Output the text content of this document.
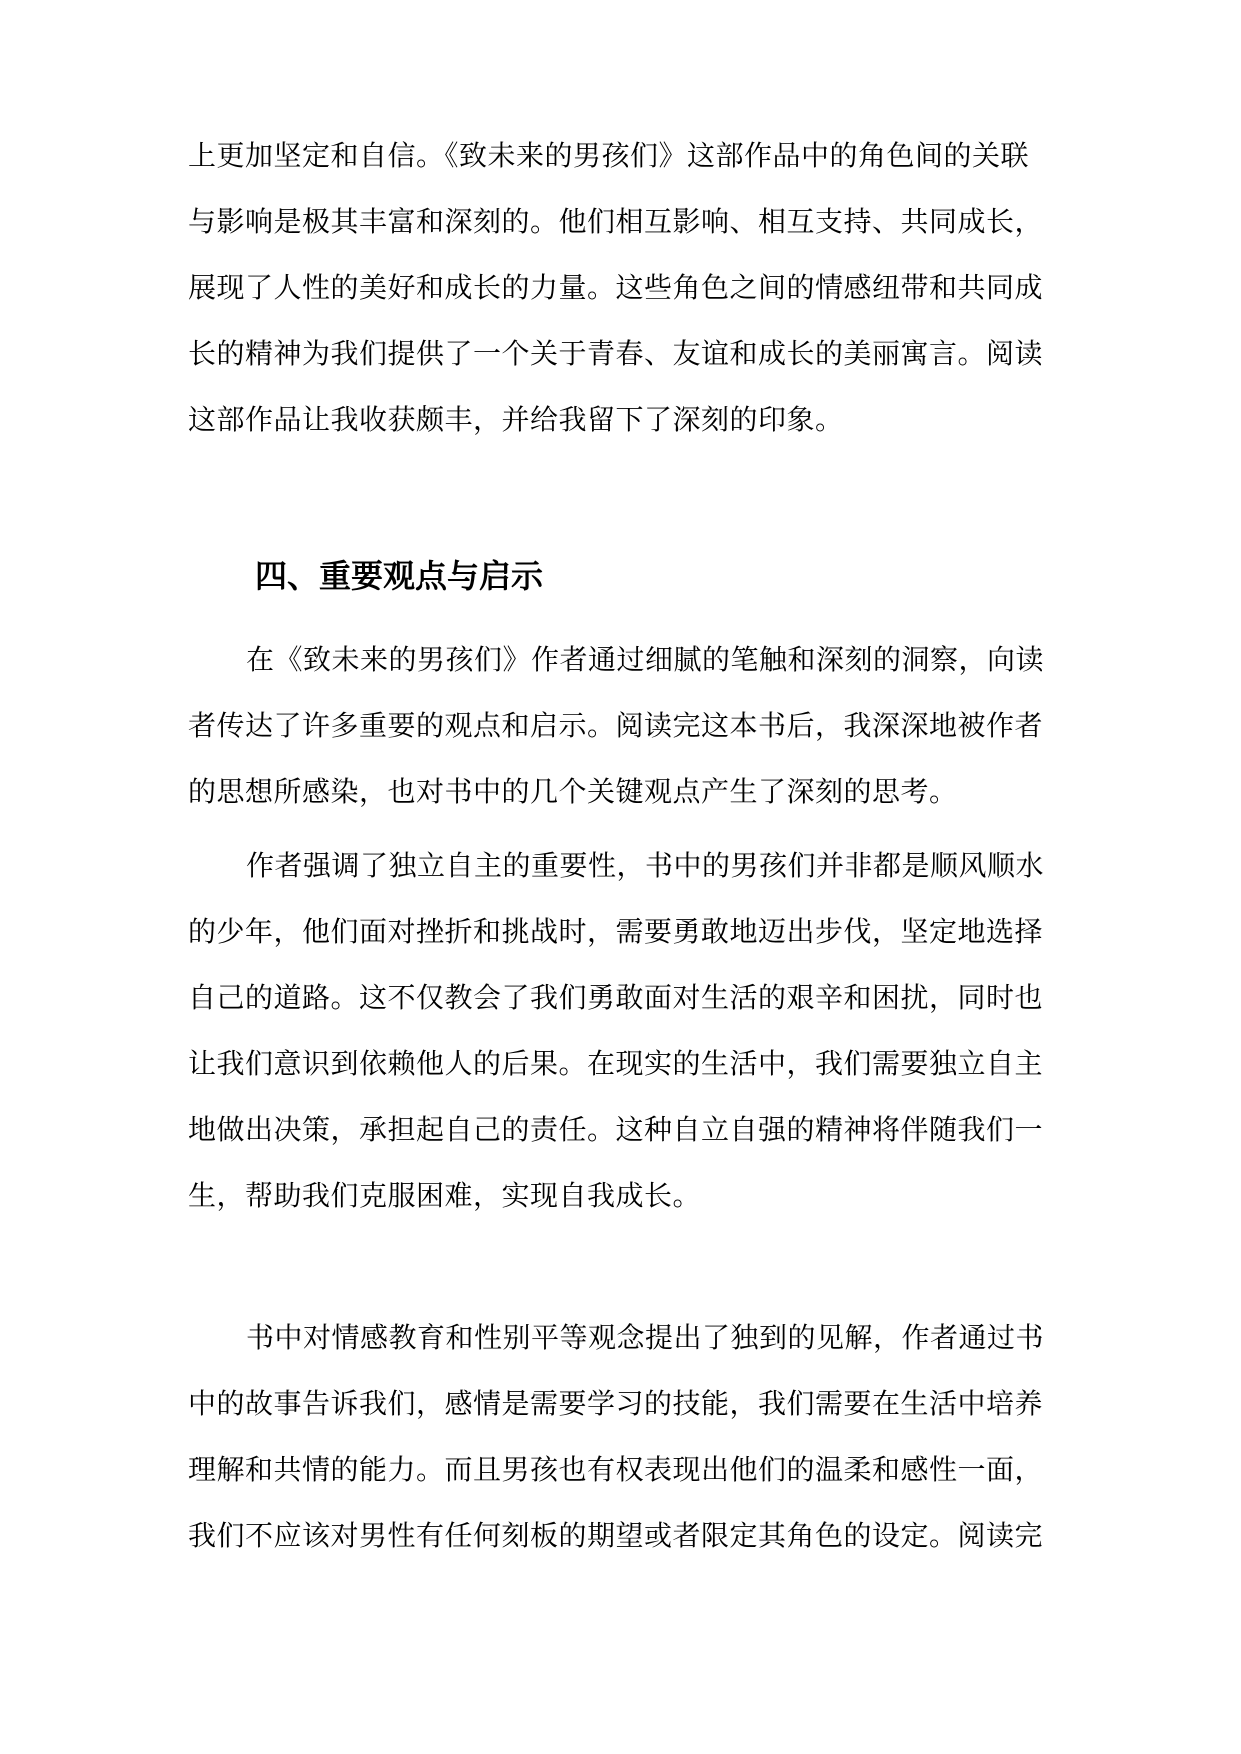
上更加坚定和自信。《致未来的男孩们》这部作品中的角色间的关联

与影响是极其丰富和深刻的。他们相互影响、相互支持、共同成长，

展现了人性的美好和成长的力量。这些角色之间的情感纽带和共同成

长的精神为我们提供了一个关于青春、友谊和成长的美丽寓言。阅读

这部作品让我收获颇丰，并给我留下了深刻的印象。

四、重要观点与启示

在《致未来的男孩们》作者通过细腻的笔触和深刻的洞察，向读

者传达了许多重要的观点和启示。阅读完这本书后，我深深地被作者

的思想所感染，也对书中的几个关键观点产生了深刻的思考。

作者强调了独立自主的重要性，书中的男孩们并非都是顺风顺水

的少年，他们面对挫折和挑战时，需要勇敢地迈出步伐，坚定地选择

自己的道路。这不仅教会了我们勇敢面对生活的艰辛和困扰，同时也

让我们意识到依赖他人的后果。在现实的生活中，我们需要独立自主

地做出决策，承担起自己的责任。这种自立自强的精神将伴随我们一

生，帮助我们克服困难，实现自我成长。

书中对情感教育和性别平等观念提出了独到的见解，作者通过书

中的故事告诉我们，感情是需要学习的技能，我们需要在生活中培养

理解和共情的能力。而且男孩也有权表现出他们的温柔和感性一面，

我们不应该对男性有任何刻板的期望或者限定其角色的设定。阅读完
